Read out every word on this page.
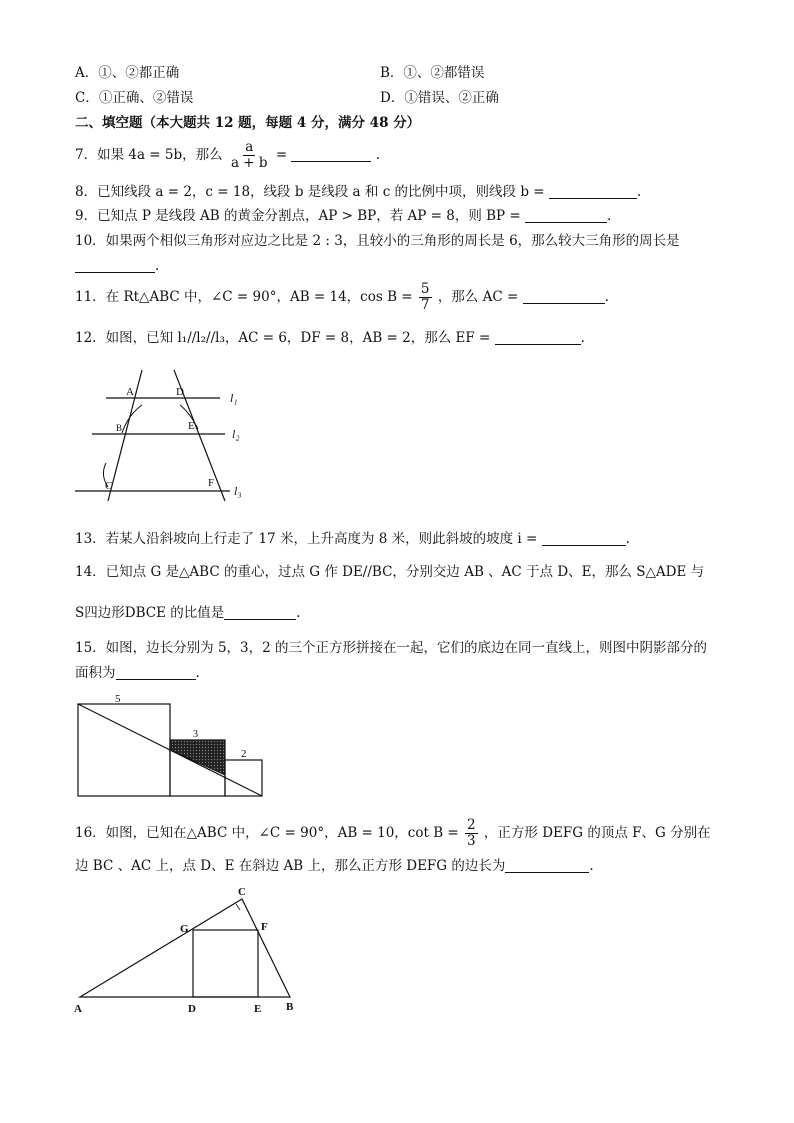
A．①、②都正确	B．①、②都错误
C．①正确、②错误	D．①错误、②正确
二、填空题（本大题共 12 题，每题 4 分，满分 48 分）
7．如果 4a = 5b，那么 $\frac{a}{a + b}$ =	.
8．已知线段 a = 2，c = 18，线段 b 是线段 a 和 c 的比例中项，则线段 b =	.
9．已知点 P 是线段 AB 的黄金分割点，AP > BP，若 AP = 8，则 BP =	.
10．如果两个相似三角形对应边之比是 2 : 3，且较小的三角形的周长是 6，那么较大三角形的周长是
.
11．在 Rt△ABC 中，∠C = 90°，AB = 14，$\cos B = \frac{5}{7}$ ，那么 AC =	.
12．如图，已知 l₁//l₂//l₃，AC = 6，DF = 8，AB = 2，那么 EF =	.
A	D
E
C	F
B
l₁
l₂
l₃
13．若某人沿斜坡向上行走了 17 米，上升高度为 8 米，则此斜坡的坡度 i =	.
14．已知点 G 是△ABC 的重心，过点 G 作 DE//BC，分别交边 AB 、AC 于点 D、E，那么 S△ADE 与
S四边形DBCE 的比值是	.
15．如图，边长分别为 5，3，2 的三个正方形拼接在一起，它们的底边在同一直线上，则图中阴影部分的
面积为	.
5
3
2
16．如图，已知在△ABC 中，∠C = 90°，AB = 10，$\cot B = \frac{2}{3}$ ，正方形 DEFG 的顶点 F、G 分别在
边 BC 、AC 上，点 D、E 在斜边 AB 上，那么正方形 DEFG 的边长为	.
C
G	F
A	D	E B
